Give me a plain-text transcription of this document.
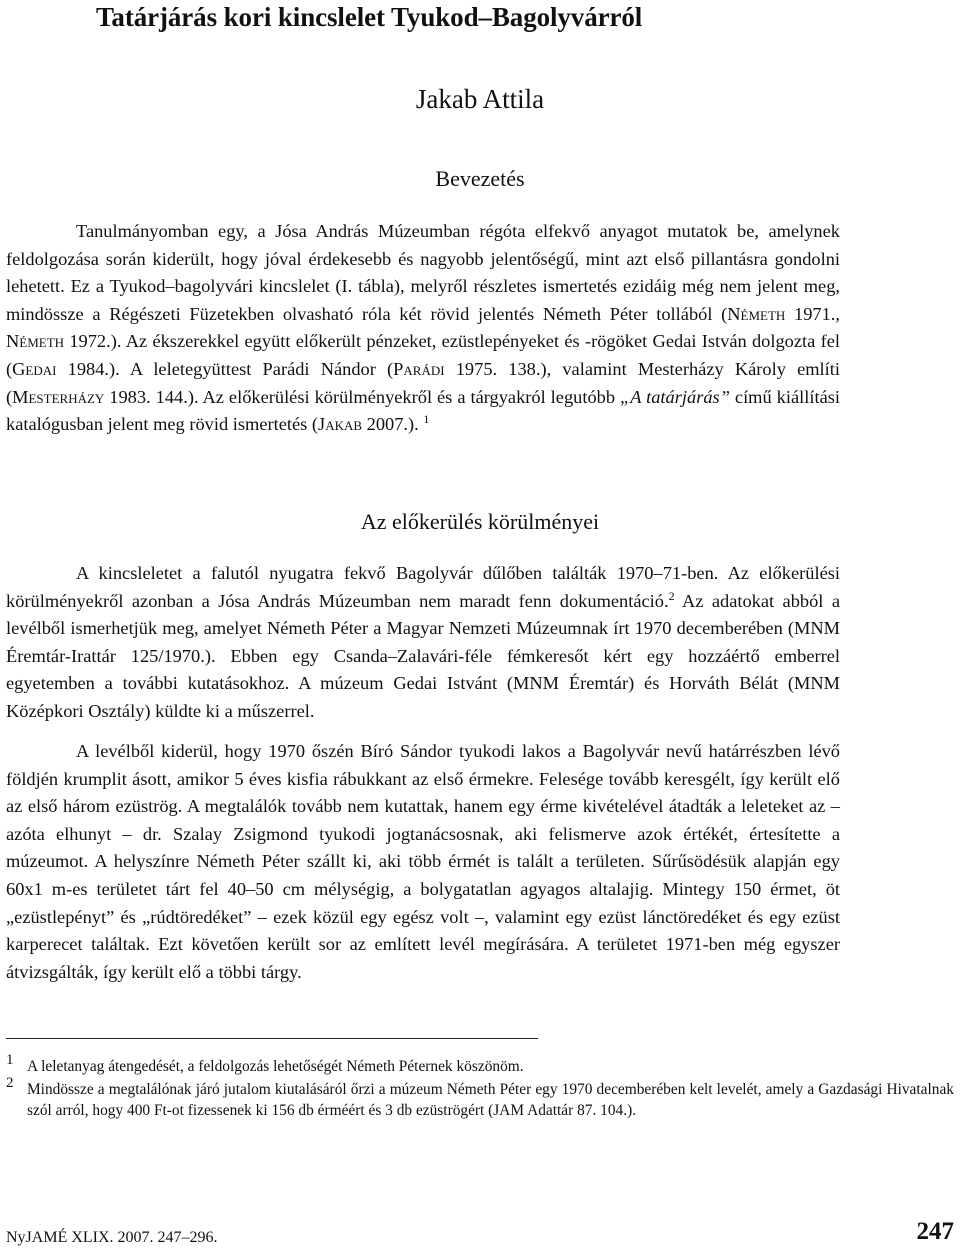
Tatárjárás kori kincslelet Tyukod–Bagolyvárról
Jakab Attila
Bevezetés

Tanulmányomban egy, a Jósa András Múzeumban régóta elfekvő anyagot mutatok be, amelynek feldolgozása során kiderült, hogy jóval érdekesebb és nagyobb jelentőségű, mint azt első pillantásra gondolni lehetett. Ez a Tyukod–bagolyvári kincslelet (I. tábla), melyről részletes ismertetés ezidáig még nem jelent meg, mindössze a Régészeti Füzetekben olvasható róla két rövid jelentés Németh Péter tollából (Németh 1971., Németh 1972.). Az ékszerekkel együtt előkerült pénzeket, ezüstlepényeket és -rögöket Gedai István dolgozta fel (Gedai 1984.). A leletegyüttest Parádi Nándor (Parádi 1975. 138.), valamint Mesterházy Károly említi (Mesterházy 1983. 144.). Az előkerülési körülményekről és a tárgyakról legutóbb „A tatárjárás” című kiállítási katalógusban jelent meg rövid ismertetés (Jakab 2007.). $^1$

Az előkerülés körülményei

A kincsleletet a falutól nyugatra fekvő Bagolyvár dűlőben találták 1970–71-ben. Az előkerülési körülményekről azonban a Jósa András Múzeumban nem maradt fenn dokumentáció.$^2$ Az adatokat abból a levélből ismerhetjük meg, amelyet Németh Péter a Magyar Nemzeti Múzeumnak írt 1970 decemberében (MNM Éremtár-Irattár 125/1970.). Ebben egy Csanda–Zalavári-féle fémkeresőt kért egy hozzáértő emberrel egyetemben a további kutatásokhoz. A múzeum Gedai Istvánt (MNM Éremtár) és Horváth Bélát (MNM Középkori Osztály) küldte ki a műszerrel.

A levélből kiderül, hogy 1970 őszén Bíró Sándor tyukodi lakos a Bagolyvár nevű határrészben lévő földjén krumplit ásott, amikor 5 éves kisfia rábukkant az első érmekre. Felesége tovább keresgélt, így került elő az első három ezüströg. A megtalálók tovább nem kutattak, hanem egy érme kivételével átadták a leleteket az – azóta elhunyt – dr. Szalay Zsigmond tyukodi jogtanácsosnak, aki felismerve azok értékét, értesítette a múzeumot. A helyszínre Németh Péter szállt ki, aki több érmét is talált a területen. Sűrűsödésük alapján egy 60x1 m-es területet tárt fel 40–50 cm mélységig, a bolygatatlan agyagos altalajig. Mintegy 150 érmet, öt „ezüstlepényt” és „rúdtöredéket” – ezek közül egy egész volt –, valamint egy ezüst lánctöredéket és egy ezüst karperecet találtak. Ezt követően került sor az említett levél megírására. A területet 1971-ben még egyszer átvizsgálták, így került elő a többi tárgy.

1 A leletanyag átengedését, a feldolgozás lehetőségét Németh Péternek köszönöm.
2 Mindössze a megtalálónak járó jutalom kiutalásáról őrzi a múzeum Németh Péter egy 1970 decemberében kelt levelét, amely a Gazdasági Hivatalnak szól arról, hogy 400 Ft-ot fizessenek ki 156 db érméért és 3 db ezüströgért (JAM Adattár 87. 104.).
NyJAMÉ XLIX. 2007. 247–296.	247
